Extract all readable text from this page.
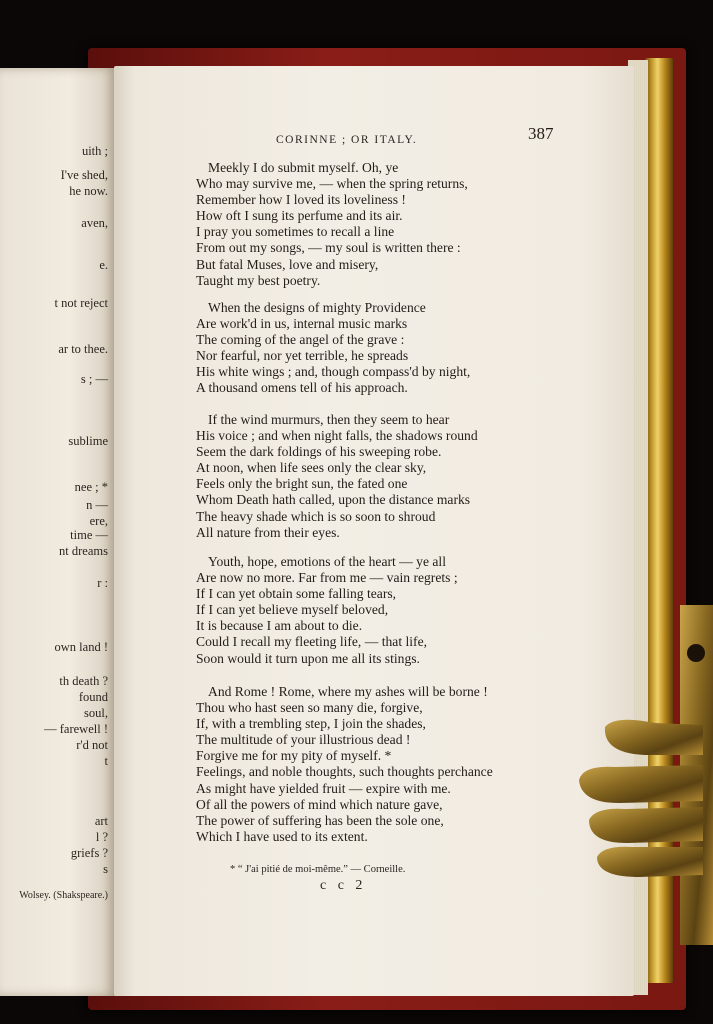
uith ;
I've shed,
he now.
aven,
e.
t not reject
ar to thee.
s ; —
sublime
nee ; *
n —
ere,
time —
nt dreams
r :
own land !
th death ?
found
soul,
— farewell !
r'd not
t
art
l ?
griefs ?
s
Wolsey. (Shakspeare.)
CORINNE ; OR ITALY.	387
Meekly I do submit myself. Oh, ye
Who may survive me, — when the spring returns,
Remember how I loved its loveliness !
How oft I sung its perfume and its air.
I pray you sometimes to recall a line
From out my songs, — my soul is written there :
But fatal Muses, love and misery,
Taught my best poetry.
When the designs of mighty Providence
Are work'd in us, internal music marks
The coming of the angel of the grave :
Nor fearful, nor yet terrible, he spreads
His white wings ; and, though compass'd by night,
A thousand omens tell of his approach.
If the wind murmurs, then they seem to hear
His voice ; and when night falls, the shadows round
Seem the dark foldings of his sweeping robe.
At noon, when life sees only the clear sky,
Feels only the bright sun, the fated one
Whom Death hath called, upon the distance marks
The heavy shade which is so soon to shroud
All nature from their eyes.
Youth, hope, emotions of the heart — ye all
Are now no more. Far from me — vain regrets ;
If I can yet obtain some falling tears,
If I can yet believe myself beloved,
It is because I am about to die.
Could I recall my fleeting life, — that life,
Soon would it turn upon me all its stings.
And Rome ! Rome, where my ashes will be borne !
Thou who hast seen so many die, forgive,
If, with a trembling step, I join the shades,
The multitude of your illustrious dead !
Forgive me for my pity of myself. *
Feelings, and noble thoughts, such thoughts perchance
As might have yielded fruit — expire with me.
Of all the powers of mind which nature gave,
The power of suffering has been the sole one,
Which I have used to its extent.
* “ J'ai pitié de moi-même.” — Corneille.
c c 2
